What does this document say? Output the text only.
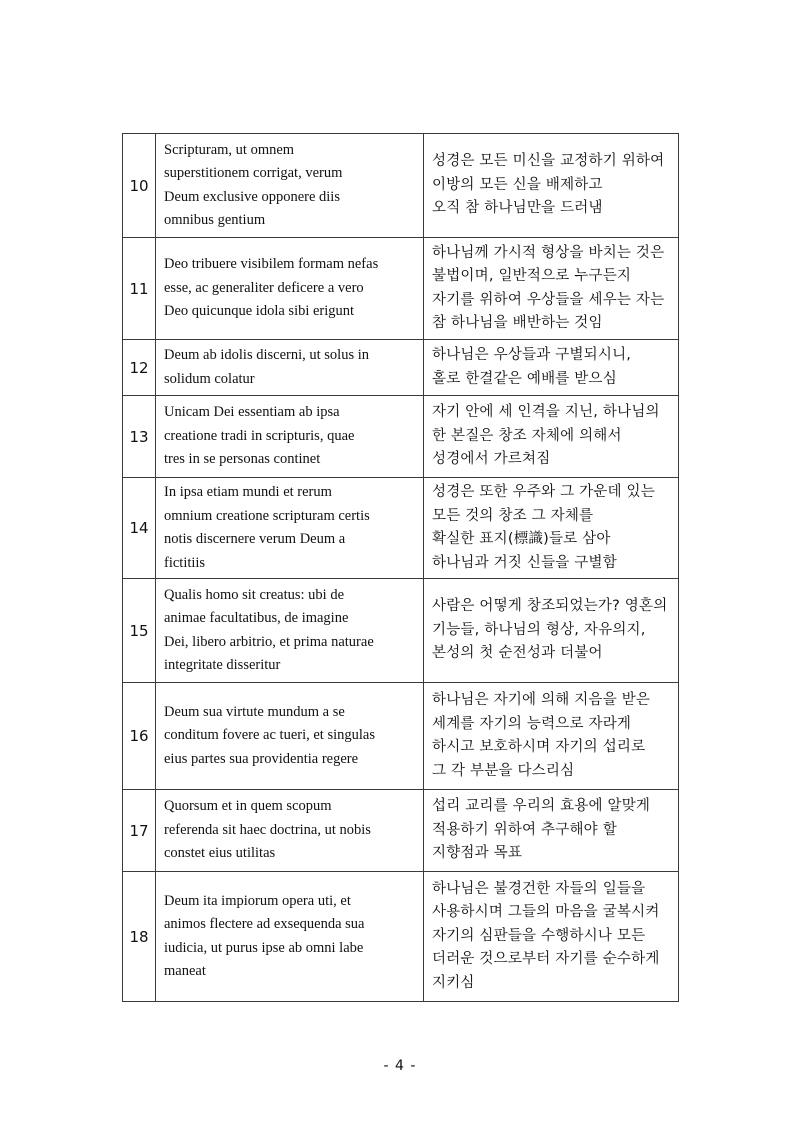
10	Scripturam, ut omnem
superstitionem corrigat, verum
Deum exclusive opponere diis
omnibus gentium	성경은 모든 미신을 교정하기 위하여
이방의 모든 신을 배제하고
오직 참 하나님만을 드러냄

11	Deo tribuere visibilem formam nefas
esse, ac generaliter deficere a vero
Deo quicunque idola sibi erigunt	하나님께 가시적 형상을 바치는 것은
불법이며, 일반적으로 누구든지
자기를 위하여 우상들을 세우는 자는
참 하나님을 배반하는 것임

12	Deum ab idolis discerni, ut solus in
solidum colatur	하나님은 우상들과 구별되시니,
홀로 한결같은 예배를 받으심

13	Unicam Dei essentiam ab ipsa
creatione tradi in scripturis, quae
tres in se personas continet	자기 안에 세 인격을 지닌, 하나님의
한 본질은 창조 자체에 의해서
성경에서 가르쳐짐

14	In ipsa etiam mundi et rerum
omnium creatione scripturam certis
notis discernere verum Deum a
fictitiis	성경은 또한 우주와 그 가운데 있는
모든 것의 창조 그 자체를
확실한 표지(標識)들로 삼아
하나님과 거짓 신들을 구별함

15	Qualis homo sit creatus: ubi de
animae facultatibus, de imagine
Dei, libero arbitrio, et prima naturae
integritate disseritur	사람은 어떻게 창조되었는가? 영혼의
기능들, 하나님의 형상, 자유의지,
본성의 첫 순전성과 더불어

16	Deum sua virtute mundum a se
conditum fovere ac tueri, et singulas
eius partes sua providentia regere	하나님은 자기에 의해 지음을 받은
세계를 자기의 능력으로 자라게
하시고 보호하시며 자기의 섭리로
그 각 부분을 다스리심

17	Quorsum et in quem scopum
referenda sit haec doctrina, ut nobis
constet eius utilitas	섭리 교리를 우리의 효용에 알맞게
적용하기 위하여 추구해야 할
지향점과 목표

18	Deum ita impiorum opera uti, et
animos flectere ad exsequenda sua
iudicia, ut purus ipse ab omni labe
maneat	하나님은 불경건한 자들의 일들을
사용하시며 그들의 마음을 굴복시켜
자기의 심판들을 수행하시나 모든
더러운 것으로부터 자기를 순수하게
지키심
- 4 -
